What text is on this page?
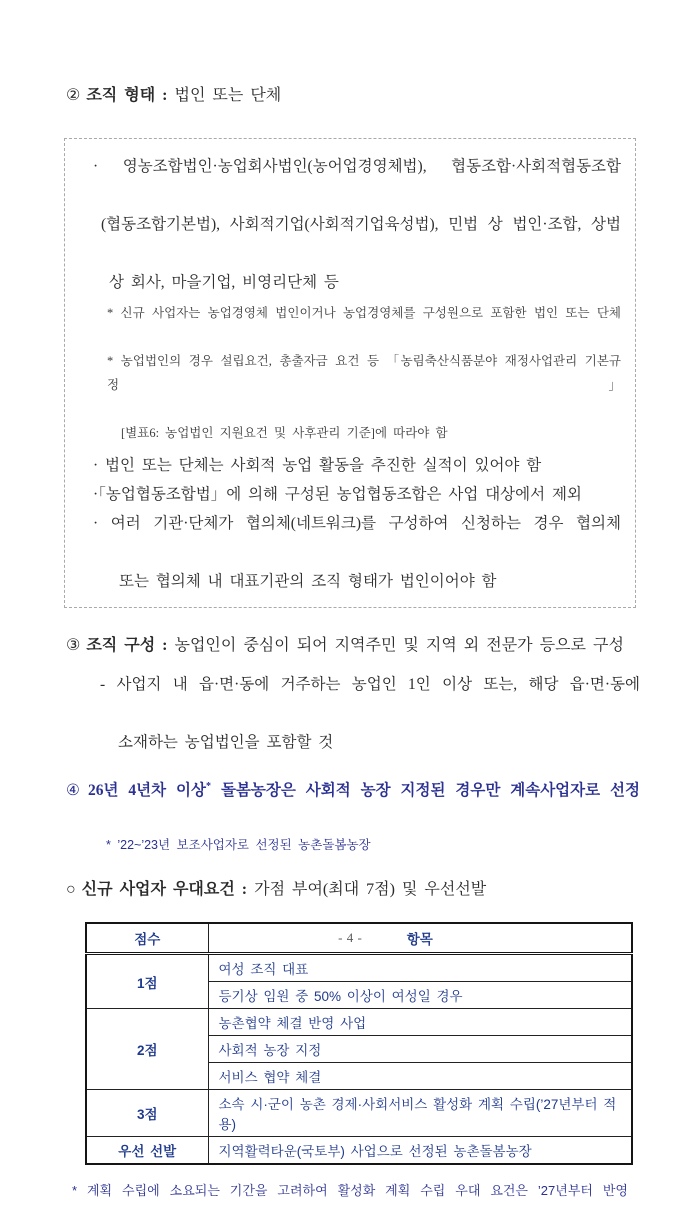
② 조직 형태 : 법인 또는 단체
· 영농조합법인·농업회사법인(농어업경영체법), 협동조합·사회적협동조합
(협동조합기본법), 사회적기업(사회적기업육성법), 민법 상 법인·조합, 상법
상 회사, 마을기업, 비영리단체 등
* 신규 사업자는 농업경영체 법인이거나 농업경영체를 구성원으로 포함한 법인 또는 단체
* 농업법인의 경우 설립요건, 총출자금 요건 등 「농림축산식품분야 재정사업관리 기본규정」
[별표6: 농업법인 지원요건 및 사후관리 기준]에 따라야 함
· 법인 또는 단체는 사회적 농업 활동을 추진한 실적이 있어야 함
·「농업협동조합법」에 의해 구성된 농업협동조합은 사업 대상에서 제외
· 여러 기관·단체가 협의체(네트워크)를 구성하여 신청하는 경우 협의체
또는 협의체 내 대표기관의 조직 형태가 법인이어야 함
③ 조직 구성 : 농업인이 중심이 되어 지역주민 및 지역 외 전문가 등으로 구성
- 사업지 내 읍·면·동에 거주하는 농업인 1인 이상 또는, 해당 읍·면·동에
소재하는 농업법인을 포함할 것
④ 26년 4년차 이상* 돌봄농장은 사회적 농장 지정된 경우만 계속사업자로 선정
* ’22~’23년 보조사업자로 선정된 농촌돌봄농장
○ 신규 사업자 우대요건 : 가점 부여(최대 7점) 및 우선선발
점수	항목
1점	여성 조직 대표
	등기상 임원 중 50% 이상이 여성일 경우
2점	농촌협약 체결 반영 사업
	사회적 농장 지정
	서비스 협약 체결
3점	소속 시·군이 농촌 경제·사회서비스 활성화 계획 수립(’27년부터 적용)
우선 선발	지역활력타운(국토부) 사업으로 선정된 농촌돌봄농장
* 계획 수립에 소요되는 기간을 고려하여 활성화 계획 수립 우대 요건은 ’27년부터 반영
- 4 -
